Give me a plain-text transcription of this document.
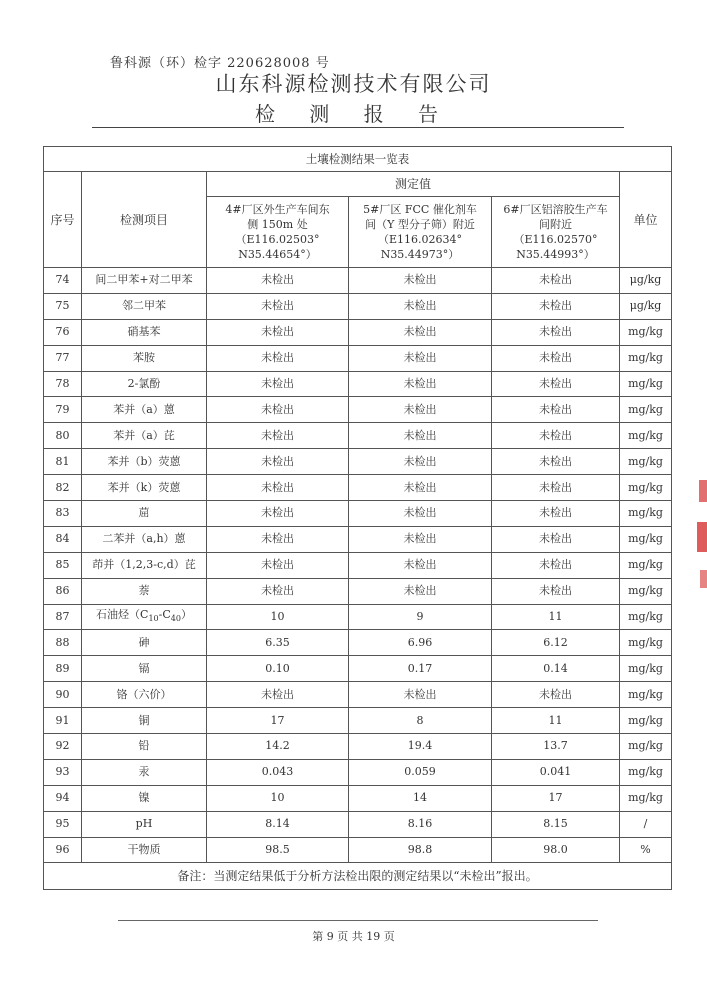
鲁科源（环）检字 220628008 号
山东科源检测技术有限公司
检 测 报 告
土壤检测结果一览表					
序号	检测项目	测定值			单位
		4#厂区外生产车间东侧 150m 处（E116.02503° N35.44654°）	5#厂区 FCC 催化剂车间（Y 型分子筛）附近（E116.02634° N35.44973°）	6#厂区铝溶胶生产车间附近（E116.02570° N35.44993°）	
74	间二甲苯+对二甲苯	未检出	未检出	未检出	μg/kg
75	邻二甲苯	未检出	未检出	未检出	μg/kg
76	硝基苯	未检出	未检出	未检出	mg/kg
77	苯胺	未检出	未检出	未检出	mg/kg
78	2-氯酚	未检出	未检出	未检出	mg/kg
79	苯并（a）蒽	未检出	未检出	未检出	mg/kg
80	苯并（a）芘	未检出	未检出	未检出	mg/kg
81	苯并（b）荧蒽	未检出	未检出	未检出	mg/kg
82	苯并（k）荧蒽	未检出	未检出	未检出	mg/kg
83	䓛	未检出	未检出	未检出	mg/kg
84	二苯并（a,h）蒽	未检出	未检出	未检出	mg/kg
85	茚并（1,2,3-c,d）芘	未检出	未检出	未检出	mg/kg
86	萘	未检出	未检出	未检出	mg/kg
87	石油烃$(C_{10}-C_{40})$	10	9	11	mg/kg
88	砷	6.35	6.96	6.12	mg/kg
89	镉	0.10	0.17	0.14	mg/kg
90	铬（六价）	未检出	未检出	未检出	mg/kg
91	铜	17	8	11	mg/kg
92	铅	14.2	19.4	13.7	mg/kg
93	汞	0.043	0.059	0.041	mg/kg
94	镍	10	14	17	mg/kg
95	pH	8.14	8.16	8.15	/
96	干物质	98.5	98.8	98.0	%
备注：当测定结果低于分析方法检出限的测定结果以“未检出”报出。					
第 9 页 共 19 页
